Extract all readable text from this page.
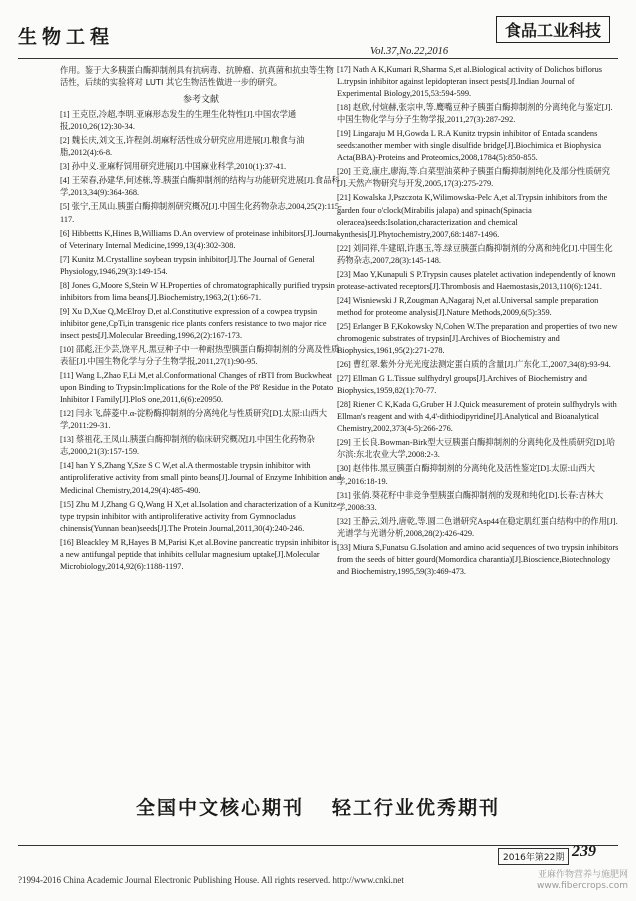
生物工程	食品工业科技
Vol.37,No.22,2016

作用。鉴于大多胰蛋白酶抑制剂具有抗病毒、抗肿瘤、抗真菌和抗虫等生物活性，后续的实验将对 LUTI 其它生物活性做进一步的研究。

参考文献

[1] 王克臣,冷超,李明.亚麻形态发生的生理生化特性[J].中国农学通报,2010,26(12):30-34.

[2] 魏长庆,刘文玉,许程剑.胡麻籽活性成分研究应用进展[J].粮食与油脂,2012(4):6-8.

[3] 孙中义.亚麻籽饲用研究进展[J].中国麻业科学,2010(1):37-41.

[4] 王荣春,孙建华,何述栋,等.胰蛋白酶抑制剂的结构与功能研究进展[J].食品科学,2013,34(9):364-368.

[5] 张宁,王凤山.胰蛋白酶抑制剂研究概况[J].中国生化药物杂志,2004,25(2):115-117.

[6] Hibbettts K,Hines B,Williams D.An overview of proteinase inhibitors[J].Journal of Veterinary Internal Medicine,1999,13(4):302-308.

[7] Kunitz M.Crystalline soybean trypsin inhibitor[J].The Journal of General Physiology,1946,29(3):149-154.

[8] Jones G,Moore S,Stein W H.Properties of chromatographically purified trypsin inhibitors from lima beans[J].Biochemistry,1963,2(1):66-71.

[9] Xu D,Xue Q,McElroy D,et al.Constitutive expression of a cowpea trypsin inhibitor gene,CpTi,in transgenic rice plants confers resistance to two major rice insect pests[J].Molecular Breeding,1996,2(2):167-173.

[10] 邵彪,汪少芸,饶平凡.黑豆种子中一种耐热型胰蛋白酶抑制剂的分离及性质表征[J].中国生物化学与分子生物学报,2011,27(1):90-95.

[11] Wang L,Zhao F,Li M,et al.Conformational Changes of rBTI from Buckwheat upon Binding to Trypsin:Implications for the Role of the P8' Residue in the Potato Inhibitor I Family[J].PloS one,2011,6(6):e20950.

[12] 闫永飞,薛菱中.α-淀粉酶抑制剂的分离纯化与性质研究[D].太原:山西大学,2011:29-31.

[13] 蔡祖花,王凤山.胰蛋白酶抑制剂的临床研究概况[J].中国生化药物杂志,2000,21(3):157-159.

[14] han Y S,Zhang Y,Sze S C W,et al.A thermostable trypsin inhibitor with antiproliferative activity from small pinto beans[J].Journal of Enzyme Inhibition and Medicinal Chemistry,2014,29(4):485-490.

[15] Zhu M J,Zhang G Q,Wang H X,et al.Isolation and characterization of a Kunitz-type trypsin inhibitor with antiproliferative activity from Gymnocladus chinensis(Yunnan bean)seeds[J].The Protein Journal,2011,30(4):240-246.

[16] Bleackley M R,Hayes B M,Parisi K,et al.Bovine pancreatic trypsin inhibitor is a new antifungal peptide that inhibits cellular magnesium uptake[J].Molecular Microbiology,2014,92(6):1188-1197.

[17] Nath A K,Kumari R,Sharma S,et al.Biological activity of Dolichos biflorus L.trypsin inhibitor against lepidopteran insect pests[J].Indian Journal of Experimental Biology,2015,53:594-599.

[18] 赵欣,付煊赫,张宗申,等.鹰嘴豆种子胰蛋白酶抑制剂的分离纯化与鉴定[J].中国生物化学与分子生物学报,2011,27(3):287-292.

[19] Lingaraju M H,Gowda L R.A Kunitz trypsin inhibitor of Entada scandens seeds:another member with single disulfide bridge[J].Biochimica et Biophysica Acta(BBA)-Proteins and Proteomics,2008,1784(5):850-855.

[20] 王竞,康庄,廖海,等.白菜型油菜种子胰蛋白酶抑制剂纯化及部分性质研究[J].天然产物研究与开发,2005,17(3):275-279.

[21] Kowalska J,Pszczota K,Wilimowska-Pelc A,et al.Trypsin inhibitors from the garden four o'clock(Mirabilis jalapa) and spinach(Spinacia oleracea)seeds:Isolation,characterization and chemical synthesis[J].Phytochemistry,2007,68:1487-1496.

[22] 刘同祥,牛建昭,许惠玉,等.绿豆胰蛋白酶抑制剂的分离和纯化[J].中国生化药物杂志,2007,28(3):145-148.

[23] Mao Y,Kunapuli S P.Trypsin causes platelet activation independently of known protease-activated receptors[J].Thrombosis and Haemostasis,2013,110(6):1241.

[24] Wisniewski J R,Zougman A,Nagaraj N,et al.Universal sample preparation method for proteome analysis[J].Nature Methods,2009,6(5):359.

[25] Erlanger B F,Kokowsky N,Cohen W.The preparation and properties of two new chromogenic substrates of trypsin[J].Archives of Biochemistry and Biophysics,1961,95(2):271-278.

[26] 曹红翠.紫外分光光度法测定蛋白质的含量[J].广东化工,2007,34(8):93-94.

[27] Ellman G L.Tissue sulfhydryl groups[J].Archives of Biochemistry and Biophysics,1959,82(1):70-77.

[28] Riener C K,Kada G,Gruber H J.Quick measurement of protein sulfhydryls with Ellman's reagent and with 4,4'-dithiodipyridine[J].Analytical and Bioanalytical Chemistry,2002,373(4-5):266-276.

[29] 王长良.Bowman-Birk型大豆胰蛋白酶抑制剂的分离纯化及性质研究[D].哈尔滨:东北农业大学,2008:2-3.

[30] 赵伟伟.黑豆胰蛋白酶抑制剂的分离纯化及活性鉴定[D].太原:山西大学,2016:18-19.

[31] 张俏.葵花籽中非竞争型胰蛋白酶抑制剂的发现和纯化[D].长春:吉林大学,2008:33.

[32] 王静云,刘丹,唐乾,等.圆二色谱研究Asp44在稳定肌红蛋白结构中的作用[J].光谱学与光谱分析,2008,28(2):426-429.

[33] Miura S,Funatsu G.Isolation and amino acid sequences of two trypsin inhibitors from the seeds of bitter gourd(Momordica charantia)[J].Bioscience,Biotechnology and Biochemistry,1995,59(3):469-473.

全国中文核心期刊 轻工行业优秀期刊
2016年第22期 239
?1994-2016 China Academic Journal Electronic Publishing House. All rights reserved. http://www.cnki.net	亚麻作物营养与施肥网
www.fibercrops.com
